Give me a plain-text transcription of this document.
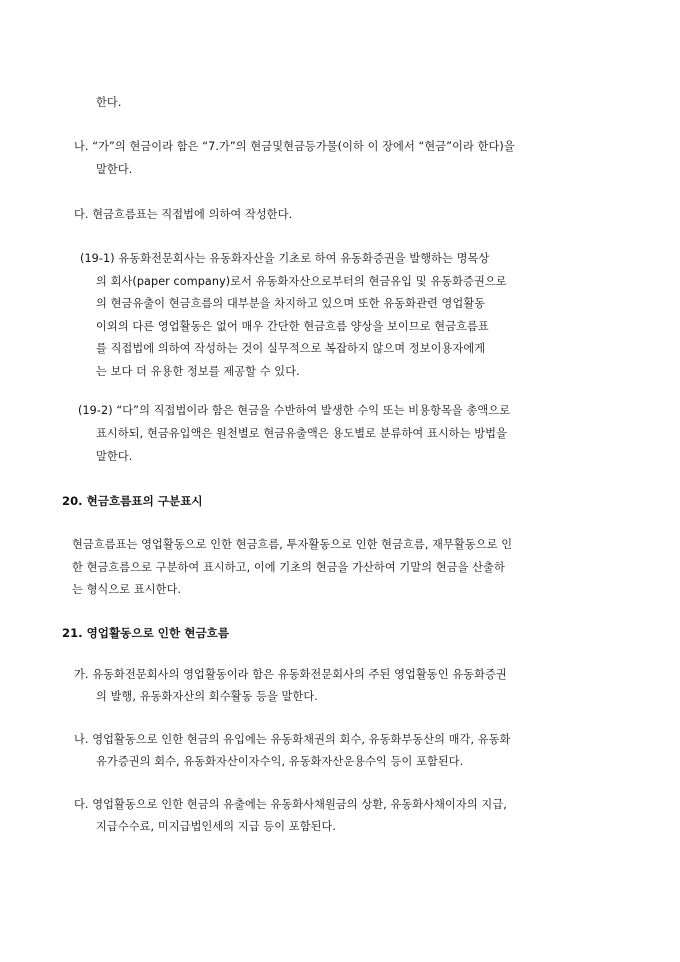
한다.
나. “가”의 현금이라 함은 “7.가”의 현금및현금등가물(이하 이 장에서 “현금”이라 한다)을
말한다.
다. 현금흐름표는 직접법에 의하여 작성한다.
(19-1) 유동화전문회사는 유동화자산을 기초로 하여 유동화증권을 발행하는 명목상
의 회사(paper company)로서 유동화자산으로부터의 현금유입 및 유동화증권으로
의 현금유출이 현금흐름의 대부분을 차지하고 있으며 또한 유동화관련 영업활동
이외의 다른 영업활동은 없어 매우 간단한 현금흐름 양상을 보이므로 현금흐름표
를 직접법에 의하여 작성하는 것이 실무적으로 복잡하지 않으며 정보이용자에게
는 보다 더 유용한 정보를 제공할 수 있다.
(19-2) “다”의 직접법이라 함은 현금을 수반하여 발생한 수익 또는 비용항목을 총액으로
표시하되, 현금유입액은 원천별로 현금유출액은 용도별로 분류하여 표시하는 방법을
말한다.
20. 현금흐름표의 구분표시
현금흐름표는 영업활동으로 인한 현금흐름, 투자활동으로 인한 현금흐름, 재무활동으로 인
한 현금흐름으로 구분하여 표시하고, 이에 기초의 현금을 가산하여 기말의 현금을 산출하
는 형식으로 표시한다.
21. 영업활동으로 인한 현금흐름
가. 유동화전문회사의 영업활동이라 함은 유동화전문회사의 주된 영업활동인 유동화증권
의 발행, 유동화자산의 회수활동 등을 말한다.
나. 영업활동으로 인한 현금의 유입에는 유동화채권의 회수, 유동화부동산의 매각, 유동화
유가증권의 회수, 유동화자산이자수익, 유동화자산운용수익 등이 포함된다.
다. 영업활동으로 인한 현금의 유출에는 유동화사채원금의 상환, 유동화사채이자의 지급,
지급수수료, 미지급법인세의 지급 등이 포함된다.
